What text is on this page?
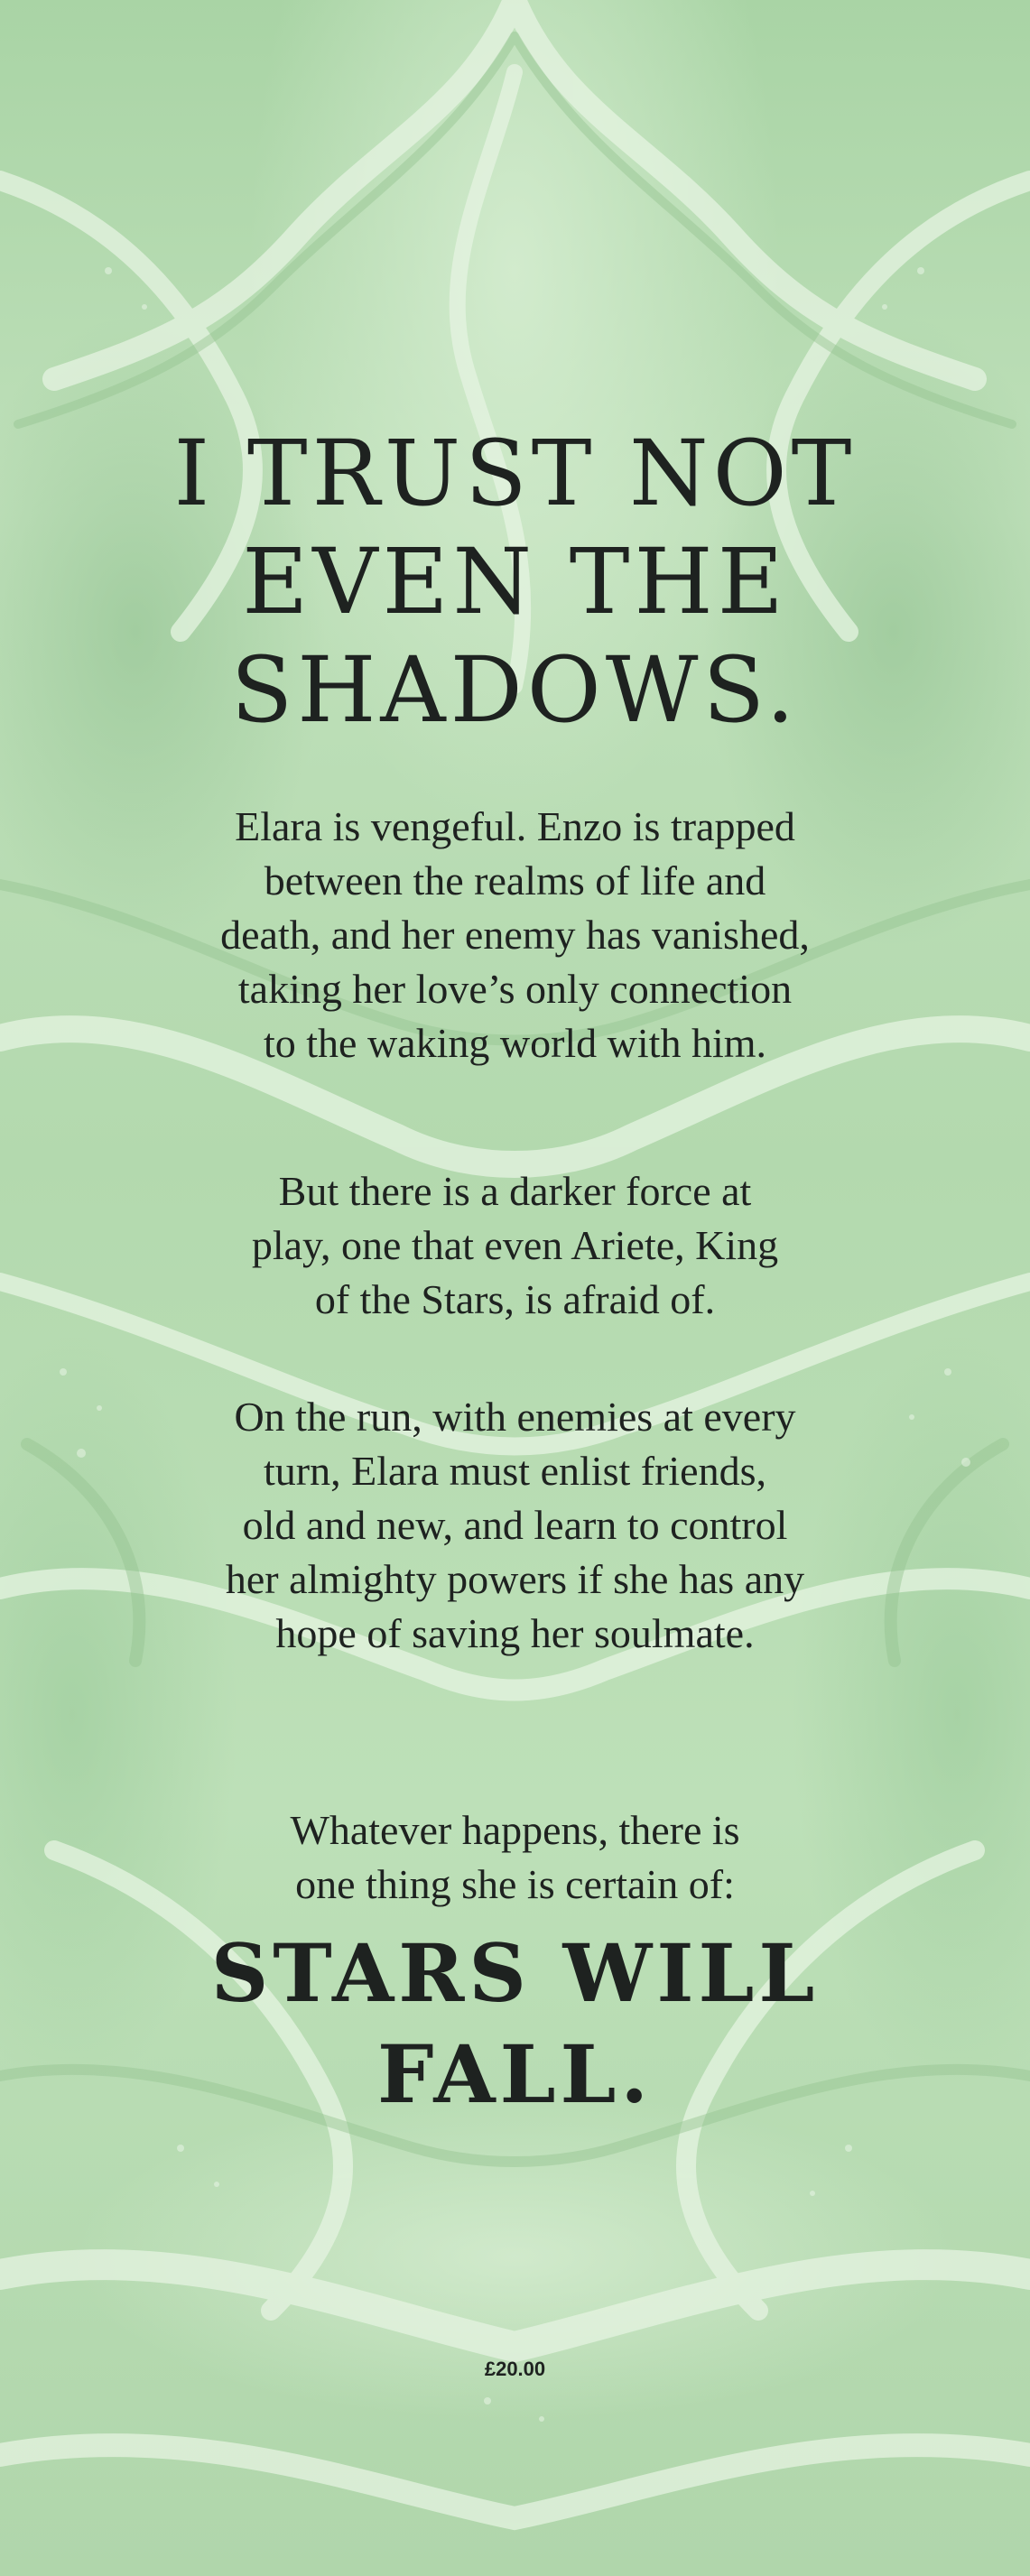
I TRUST NOT
EVEN THE
SHADOWS.

Elara is vengeful. Enzo is trapped
between the realms of life and
death, and her enemy has vanished,
taking her love’s only connection
to the waking world with him.

But there is a darker force at
play, one that even Ariete, King
of the Stars, is afraid of.

On the run, with enemies at every
turn, Elara must enlist friends,
old and new, and learn to control
her almighty powers if she has any
hope of saving her soulmate.

Whatever happens, there is
one thing she is certain of:

STARS WILL
FALL.
£20.00
